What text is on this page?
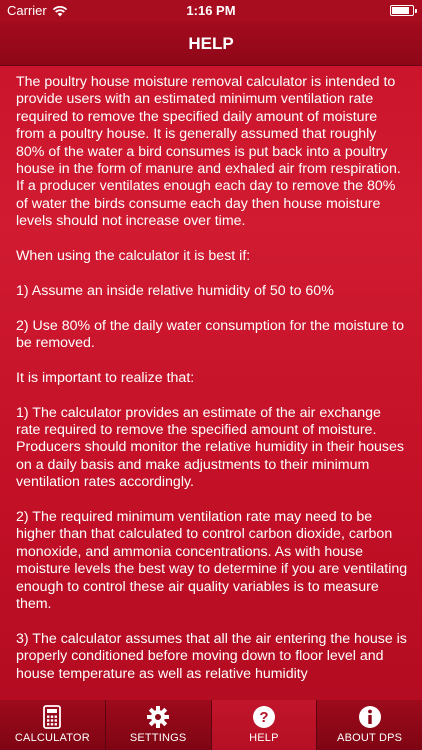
Carrier	1:16 PM
HELP

The poultry house moisture removal calculator is intended to provide users with an estimated minimum ventilation rate required to remove the specified daily amount of moisture from a poultry house. It is generally assumed that roughly 80% of the water a bird consumes is put back into a poultry house in the form of manure and exhaled air from respiration. If a producer ventilates enough each day to remove the 80% of water the birds consume each day then house moisture levels should not increase over time.

When using the calculator it is best if:

1) Assume an inside relative humidity of 50 to 60%

2) Use 80% of the daily water consumption for the moisture to be removed.

It is important to realize that:

1) The calculator provides an estimate of the air exchange rate required to remove the specified amount of moisture. Producers should monitor the relative humidity in their houses on a daily basis and make adjustments to their minimum ventilation rates accordingly.

2) The required minimum ventilation rate may need to be higher than that calculated to control carbon dioxide, carbon monoxide, and ammonia concentrations. As with house moisture levels the best way to determine if you are ventilating enough to control these air quality variables is to measure them.

3) The calculator assumes that all the air entering the house is properly conditioned before moving down to floor level and house temperature as well as relative humidity

CALCULATOR	SETTINGS
?
HELP	ABOUT DPS
